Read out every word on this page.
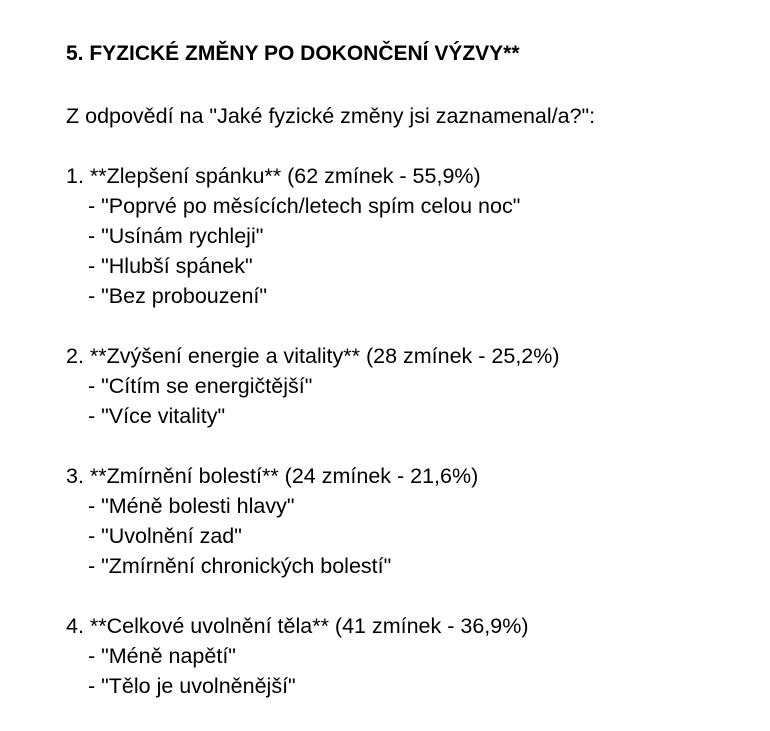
5. FYZICKÉ ZMĚNY PO DOKONČENÍ VÝZVY**
Z odpovědí na "Jaké fyzické změny jsi zaznamenal/a?":
1. **Zlepšení spánku** (62 zmínek - 55,9%)
- "Poprvé po měsících/letech spím celou noc"
- "Usínám rychleji"
- "Hlubší spánek"
- "Bez probouzení"
2. **Zvýšení energie a vitality** (28 zmínek - 25,2%)
- "Cítím se energičtější"
- "Více vitality"
3. **Zmírnění bolestí** (24 zmínek - 21,6%)
- "Méně bolesti hlavy"
- "Uvolnění zad"
- "Zmírnění chronických bolestí"
4. **Celkové uvolnění těla** (41 zmínek - 36,9%)
- "Méně napětí"
- "Tělo je uvolněnější"
